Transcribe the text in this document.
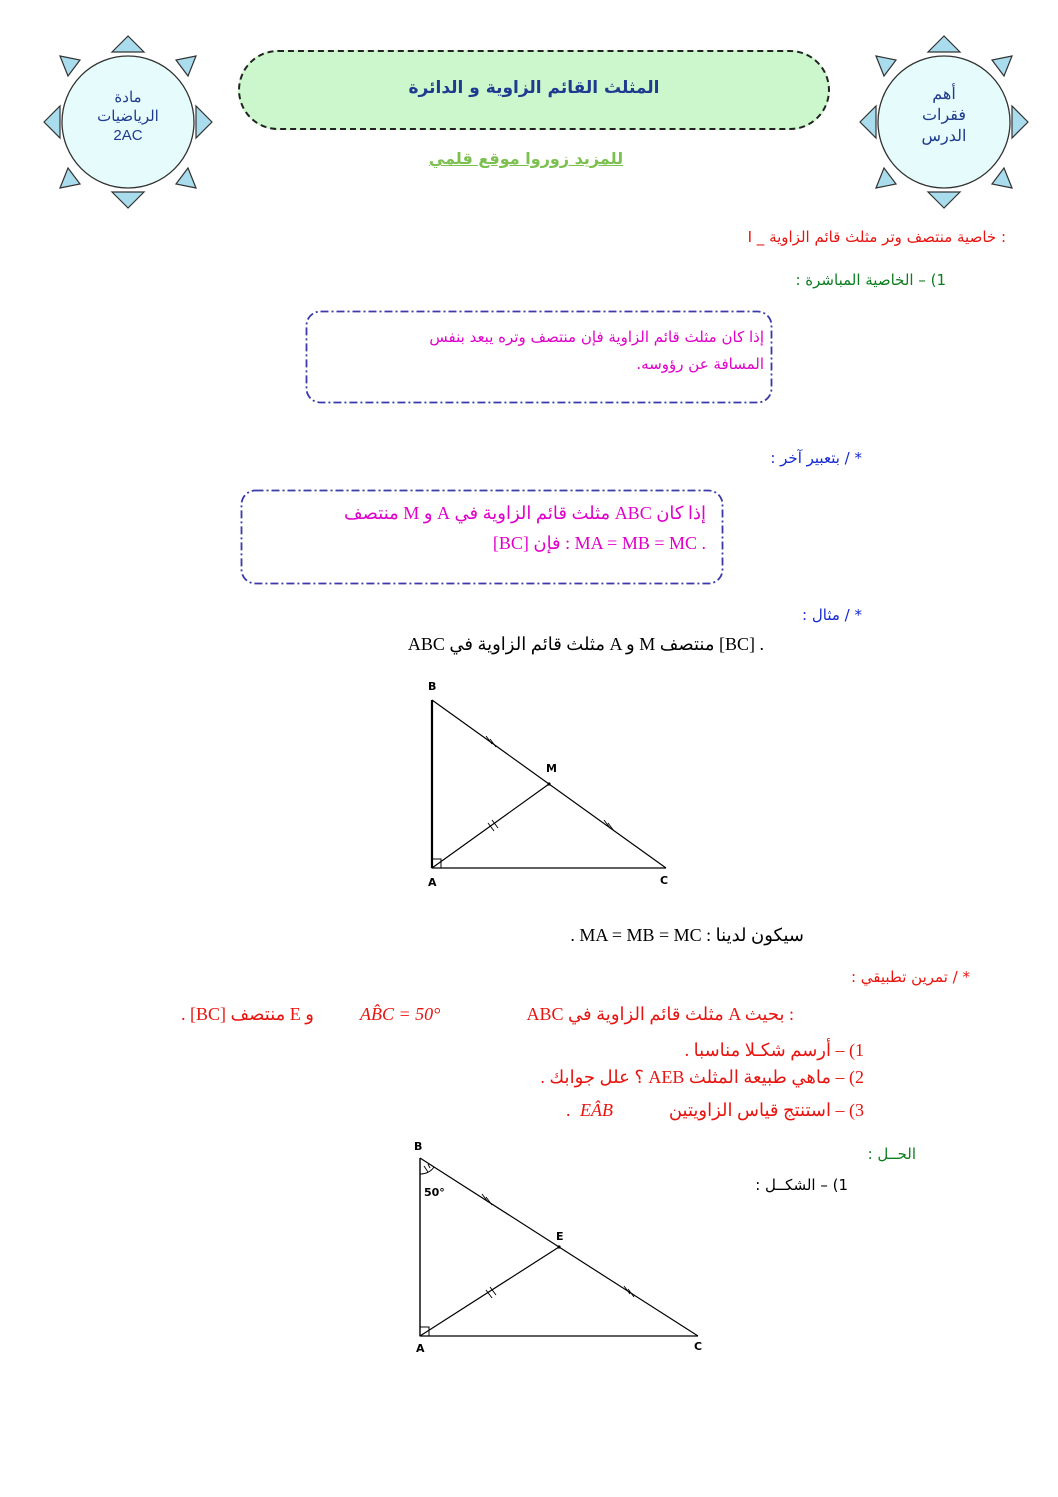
مادة
الرياضيات
2AC
أهم
فقرات
الدرس
المثلث القائم الزاوية و الدائرة
للمزيد زوروا موقع قلمي
I _ خاصية منتصف وتر مثلث قائم الزاوية :
1) – الخاصية المباشرة :
إذا كان مثلث قائم الزاوية فإن منتصف وتره يبعد بنفس
المسافة عن رؤوسه.
* / بتعبير آخر :
إذا كان ABC مثلث قائم الزاوية في A و M منتصف
[BC] فإن : MA = MB = MC .
* / مثال :
ABC مثلث قائم الزاوية في A و M منتصف [BC] .
B
M
A	C
سيكون لدينا : MA = MB = MC .
* / تمرين تطبيقي :
ABC مثلث قائم الزاوية في A بحيث :
AB̂C = 50°
و E منتصف [BC] .
1) – أرسم شكـلا مناسبا .
2) – ماهي طبيعة المثلث AEB ؟ علل جوابك .
3) – استنتج قياس الزاويتين
EÂB
.
الحــل :
1) – الشكــل :
B
50°
E
A	C
